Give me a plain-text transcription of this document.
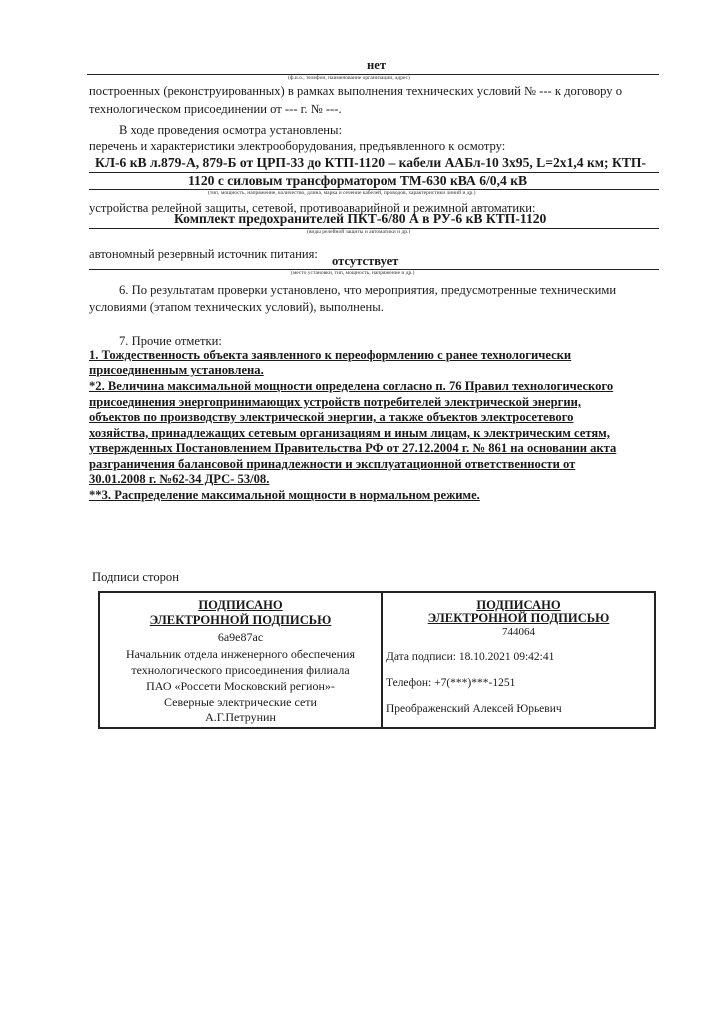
нет
(ф.и.о., телефон, наименование организации, адрес)
построенных (реконструированных) в рамках выполнения технических условий № --- к договору о
технологическом присоединении от --- г. № ---.
В ходе проведения осмотра установлены:
перечень и характеристики электрооборудования, предъявленного к осмотру:
КЛ-6 кВ л.879-А, 879-Б от ЦРП-33 до КТП-1120 – кабели ААБл-10 3х95, L=2х1,4 км; КТП-
1120 с силовым трансформатором ТМ-630 кВА 6/0,4 кВ
(тип, мощность, напряжение, количество, длина, марка и сечение кабелей, проводов, характеристики линий и др.)
устройства релейной защиты, сетевой, противоаварийной и режимной автоматики:
Комплект предохранителей ПКТ-6/80 А в РУ-6 кВ КТП-1120
(виды релейной защиты и автоматики и др.)
автономный резервный источник питания: отсутствует
(место установки, тип, мощность, напряжение и др.)
6. По результатам проверки установлено, что мероприятия, предусмотренные техническими
условиями (этапом технических условий), выполнены.
7. Прочие отметки:
1. Тождественность объекта заявленного к переоформлению с ранее технологически
присоединенным установлена.
*2. Величина максимальной мощности определена согласно п. 76 Правил технологического
присоединения энергопринимающих устройств потребителей электрической энергии,
объектов по производству электрической энергии, а также объектов электросетевого
хозяйства, принадлежащих сетевым организациям и иным лицам, к электрическим сетям,
утвержденных Постановлением Правительства РФ от 27.12.2004 г. № 861 на основании акта
разграничения балансовой принадлежности и эксплуатационной ответственности от
30.01.2008 г. №62-34 ДРС- 53/08.
**3. Распределение максимальной мощности в нормальном режиме.
Подписи сторон
ПОДПИСАНО
ЭЛЕКТРОННОЙ ПОДПИСЬЮ
6a9e87ac
Начальник отдела инженерного обеспечения
технологического присоединения филиала
ПАО «Россети Московский регион»-
Северные электрические сети
А.Г.Петрунин
ПОДПИСАНО
ЭЛЕКТРОННОЙ ПОДПИСЬЮ
744064
Дата подписи: 18.10.2021 09:42:41
Телефон: +7(***)***-1251
Преображенский Алексей Юрьевич
